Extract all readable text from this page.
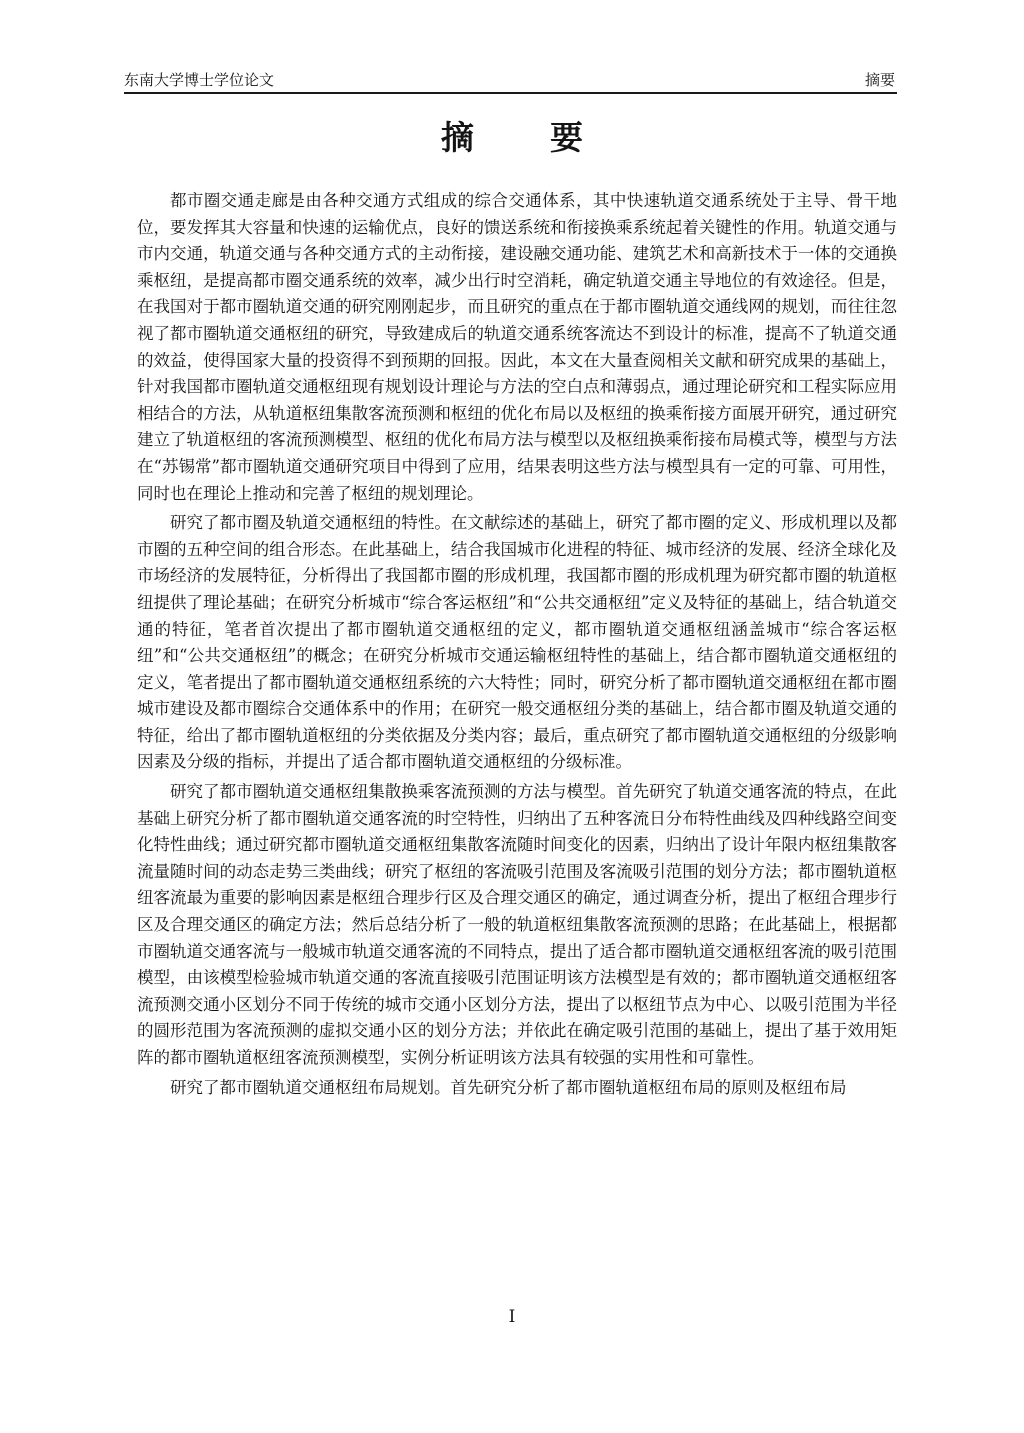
东南大学博士学位论文	摘要
摘要

都市圈交通走廊是由各种交通方式组成的综合交通体系，其中快速轨道交通系统处于主导、骨干地位，要发挥其大容量和快速的运输优点，良好的馈送系统和衔接换乘系统起着关键性的作用。轨道交通与市内交通，轨道交通与各种交通方式的主动衔接，建设融交通功能、建筑艺术和高新技术于一体的交通换乘枢纽，是提高都市圈交通系统的效率，减少出行时空消耗，确定轨道交通主导地位的有效途径。但是，在我国对于都市圈轨道交通的研究刚刚起步，而且研究的重点在于都市圈轨道交通线网的规划，而往往忽视了都市圈轨道交通枢纽的研究，导致建成后的轨道交通系统客流达不到设计的标准，提高不了轨道交通的效益，使得国家大量的投资得不到预期的回报。因此，本文在大量查阅相关文献和研究成果的基础上，针对我国都市圈轨道交通枢纽现有规划设计理论与方法的空白点和薄弱点，通过理论研究和工程实际应用相结合的方法，从轨道枢纽集散客流预测和枢纽的优化布局以及枢纽的换乘衔接方面展开研究，通过研究建立了轨道枢纽的客流预测模型、枢纽的优化布局方法与模型以及枢纽换乘衔接布局模式等，模型与方法在“苏锡常”都市圈轨道交通研究项目中得到了应用，结果表明这些方法与模型具有一定的可靠、可用性，同时也在理论上推动和完善了枢纽的规划理论。

研究了都市圈及轨道交通枢纽的特性。在文献综述的基础上，研究了都市圈的定义、形成机理以及都市圈的五种空间的组合形态。在此基础上，结合我国城市化进程的特征、城市经济的发展、经济全球化及市场经济的发展特征，分析得出了我国都市圈的形成机理，我国都市圈的形成机理为研究都市圈的轨道枢纽提供了理论基础；在研究分析城市“综合客运枢纽”和“公共交通枢纽”定义及特征的基础上，结合轨道交通的特征，笔者首次提出了都市圈轨道交通枢纽的定义，都市圈轨道交通枢纽涵盖城市“综合客运枢纽”和“公共交通枢纽”的概念；在研究分析城市交通运输枢纽特性的基础上，结合都市圈轨道交通枢纽的定义，笔者提出了都市圈轨道交通枢纽系统的六大特性；同时，研究分析了都市圈轨道交通枢纽在都市圈城市建设及都市圈综合交通体系中的作用；在研究一般交通枢纽分类的基础上，结合都市圈及轨道交通的特征，给出了都市圈轨道枢纽的分类依据及分类内容；最后，重点研究了都市圈轨道交通枢纽的分级影响因素及分级的指标，并提出了适合都市圈轨道交通枢纽的分级标准。

研究了都市圈轨道交通枢纽集散换乘客流预测的方法与模型。首先研究了轨道交通客流的特点，在此基础上研究分析了都市圈轨道交通客流的时空特性，归纳出了五种客流日分布特性曲线及四种线路空间变化特性曲线；通过研究都市圈轨道交通枢纽集散客流随时间变化的因素，归纳出了设计年限内枢纽集散客流量随时间的动态走势三类曲线；研究了枢纽的客流吸引范围及客流吸引范围的划分方法；都市圈轨道枢纽客流最为重要的影响因素是枢纽合理步行区及合理交通区的确定，通过调查分析，提出了枢纽合理步行区及合理交通区的确定方法；然后总结分析了一般的轨道枢纽集散客流预测的思路；在此基础上，根据都市圈轨道交通客流与一般城市轨道交通客流的不同特点，提出了适合都市圈轨道交通枢纽客流的吸引范围模型，由该模型检验城市轨道交通的客流直接吸引范围证明该方法模型是有效的；都市圈轨道交通枢纽客流预测交通小区划分不同于传统的城市交通小区划分方法，提出了以枢纽节点为中心、以吸引范围为半径的圆形范围为客流预测的虚拟交通小区的划分方法；并依此在确定吸引范围的基础上，提出了基于效用矩阵的都市圈轨道枢纽客流预测模型，实例分析证明该方法具有较强的实用性和可靠性。

研究了都市圈轨道交通枢纽布局规划。首先研究分析了都市圈轨道枢纽布局的原则及枢纽布局

I
